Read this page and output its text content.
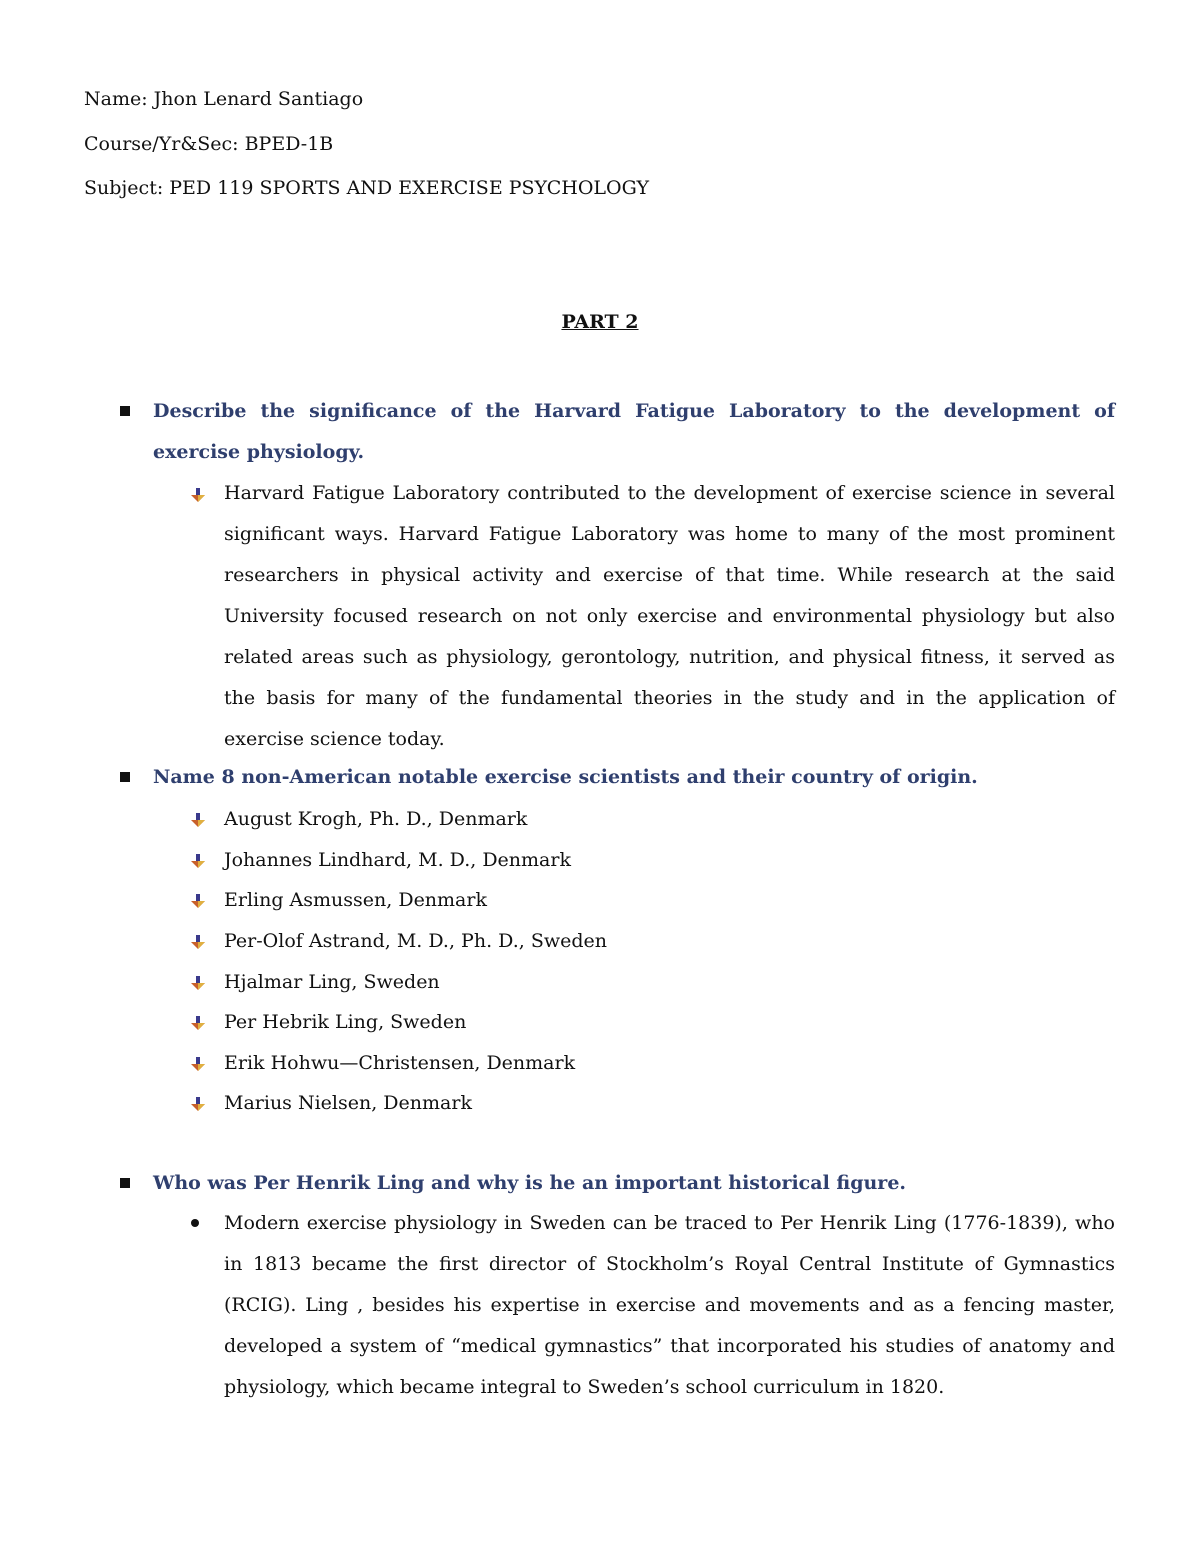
Name: Jhon Lenard Santiago
Course/Yr&Sec: BPED-1B
Subject: PED 119 SPORTS AND EXERCISE PSYCHOLOGY
PART 2
Describe the significance of the Harvard Fatigue Laboratory to the development of exercise physiology.
Harvard Fatigue Laboratory contributed to the development of exercise science in several significant ways. Harvard Fatigue Laboratory was home to many of the most prominent researchers in physical activity and exercise of that time. While research at the said University focused research on not only exercise and environmental physiology but also related areas such as physiology, gerontology, nutrition, and physical fitness, it served as the basis for many of the fundamental theories in the study and in the application of exercise science today.
Name 8 non-American notable exercise scientists and their country of origin.
August Krogh, Ph. D., Denmark
Johannes Lindhard, M. D., Denmark
Erling Asmussen, Denmark
Per-Olof Astrand, M. D., Ph. D., Sweden
Hjalmar Ling, Sweden
Per Hebrik Ling, Sweden
Erik Hohwu—Christensen, Denmark
Marius Nielsen, Denmark
Who was Per Henrik Ling and why is he an important historical figure.
Modern exercise physiology in Sweden can be traced to Per Henrik Ling (1776-1839), who in 1813 became the first director of Stockholm’s Royal Central Institute of Gymnastics (RCIG). Ling , besides his expertise in exercise and movements and as a fencing master, developed a system of “medical gymnastics” that incorporated his studies of anatomy and physiology, which became integral to Sweden’s school curriculum in 1820.
